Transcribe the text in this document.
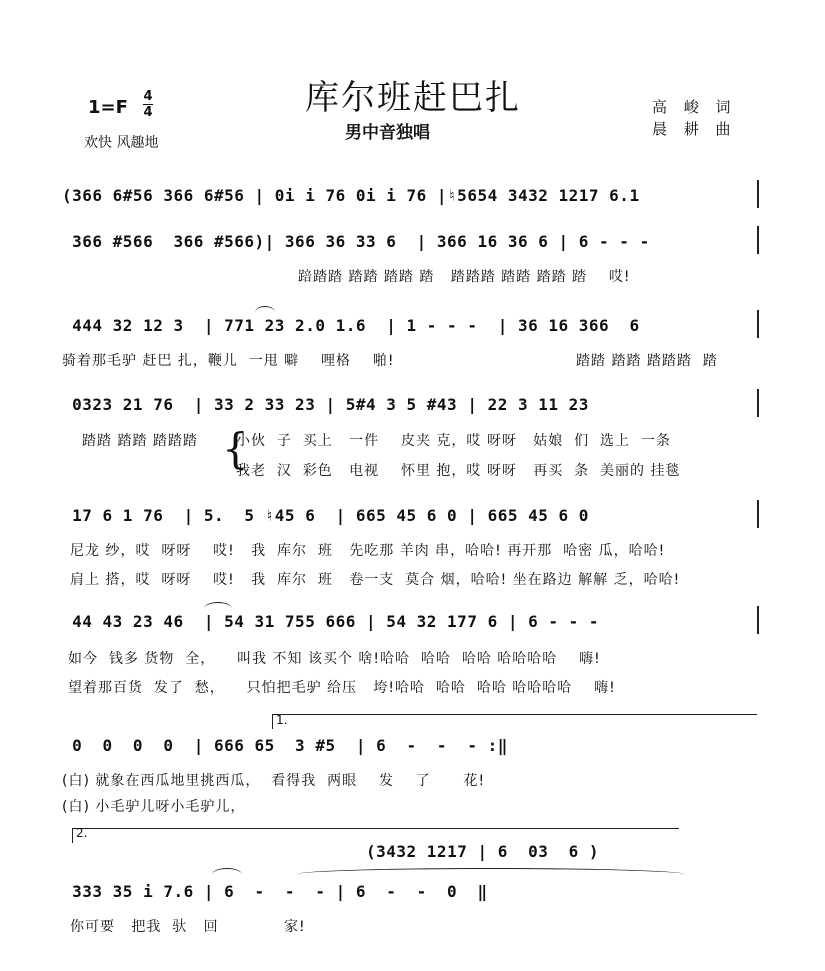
库尔班赶巴扎
男中音独唱
1=F
4
4
欢快 风趣地
高 峻 词
晨 耕 曲
(366 6#56 366 6#56 | 0i i 76 0i i 76 |♮5654 3432 1217 6.1
366 #566  366 #566)| 366 36 33 6  | 366 16 36 6 | 6 - - -
踣踏踏 踏踏 踏踏 踏   踏踏踏 踏踏 踏踏 踏    哎!
444 32 12 3  | 771 23 2.0 1.6  | 1 - - -  | 36 16 366  6
骑着那毛驴 赶巴 扎，鞭儿  一甩 噼    哩格    啪!	踏踏 踏踏 踏踏踏  踏
0323 21 76  | 33 2 33 23 | 5#4 3 5 #43 | 22 3 11 23
踏踏 踏踏 踏踏踏 {
小伙  子  买上   一件    皮夹 克，哎 呀呀   姑娘  们  选上  一条
我老  汉  彩色   电视    怀里 抱，哎 呀呀   再买  条  美丽的 挂毯
17 6 1 76  | 5.  5 ♮45 6  | 665 45 6 0 | 665 45 6 0
尼龙 纱，哎  呀呀    哎!   我  库尔  班   先吃那 羊肉 串，哈哈! 再开那  哈密 瓜，哈哈!
肩上 搭，哎  呀呀    哎!   我  库尔  班   卷一支  莫合 烟，哈哈! 坐在路边 解解 乏，哈哈!
44 43 23 46  | 54 31 755 666 | 54 32 177 6 | 6 - - -
如今  钱多 货物  全，    叫我 不知 该买个 啥!哈哈  哈哈  哈哈 哈哈哈哈    嗨!
望着那百货  发了  愁，    只怕把毛驴 给压   垮!哈哈  哈哈  哈哈 哈哈哈哈    嗨!
1.
0  0  0  0  | 666 65  3 #5  | 6  -  -  - :‖
(白) 就象在西瓜地里挑西瓜，  看得我  两眼    发    了      花!
(白) 小毛驴儿呀小毛驴儿，
2.
(3432 1217 | 6  03  6 )
333 35 i 7.6 | 6  -  -  - | 6  -  -  0  ‖
你可要   把我  驮   回            家!
